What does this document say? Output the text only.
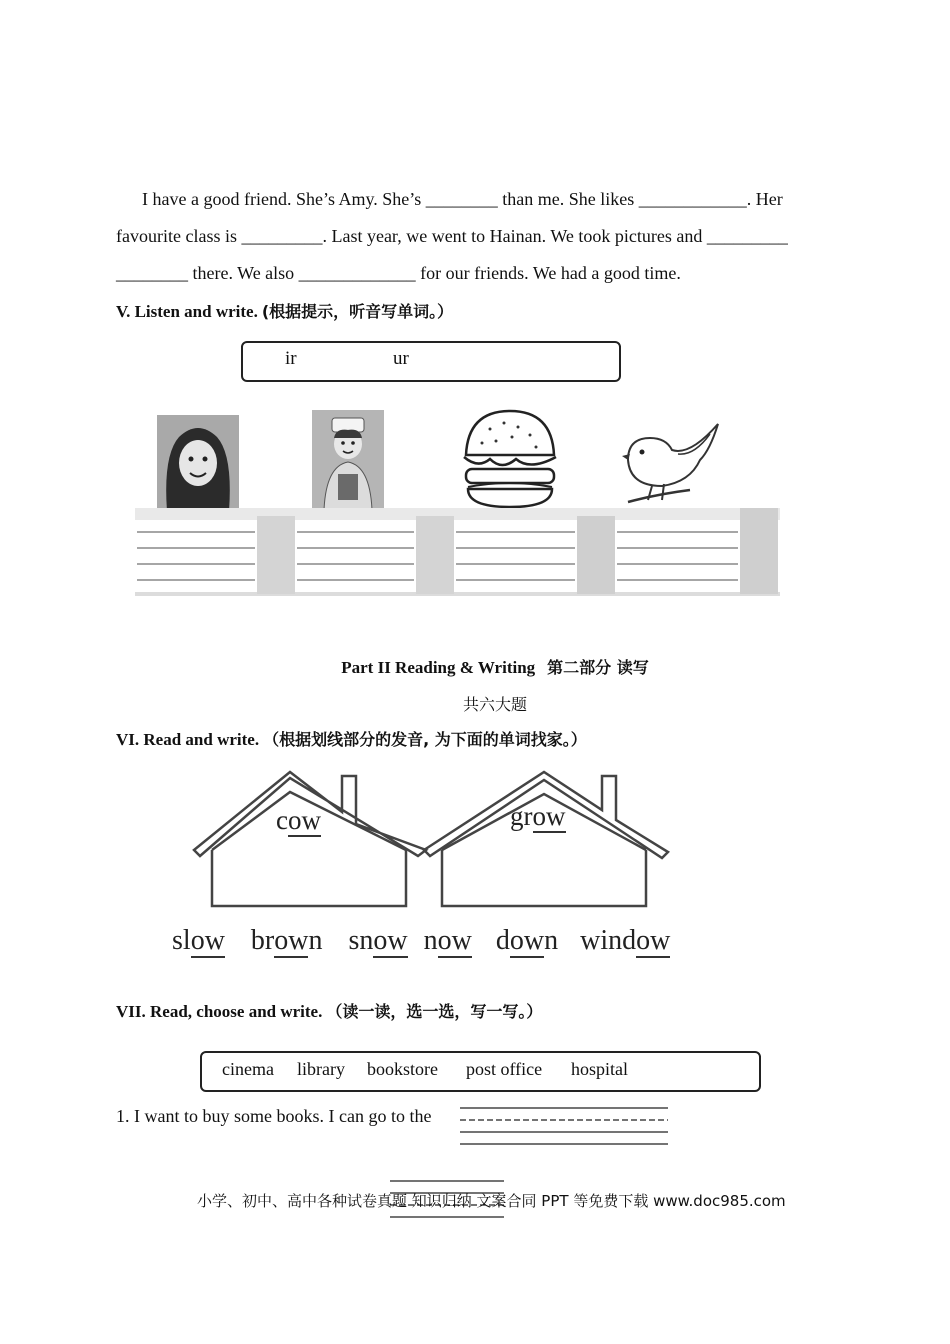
I have a good friend. She’s Amy. She’s ________ than me. She likes ____________. Her
favourite class is _________. Last year, we went to Hainan. We took pictures and _________
________ there. We also _____________ for our friends. We had a good time.
V. Listen and write. (根据提示，听音写单词。）
ir	ur
Part II Reading & Writing 第二部分 读写
共六大题
VI. Read and write. （根据划线部分的发音, 为下面的单词找家。）
cow	grow
slow brown snow now down window
VII. Read, choose and write. （读一读，选一选，写一写。）
cinema library bookstore post office hospital
1. I want to buy some books. I can go to the
小学、初中、高中各种试卷真题 知识归纳 文案合同 PPT 等免费下载 www.doc985.com
